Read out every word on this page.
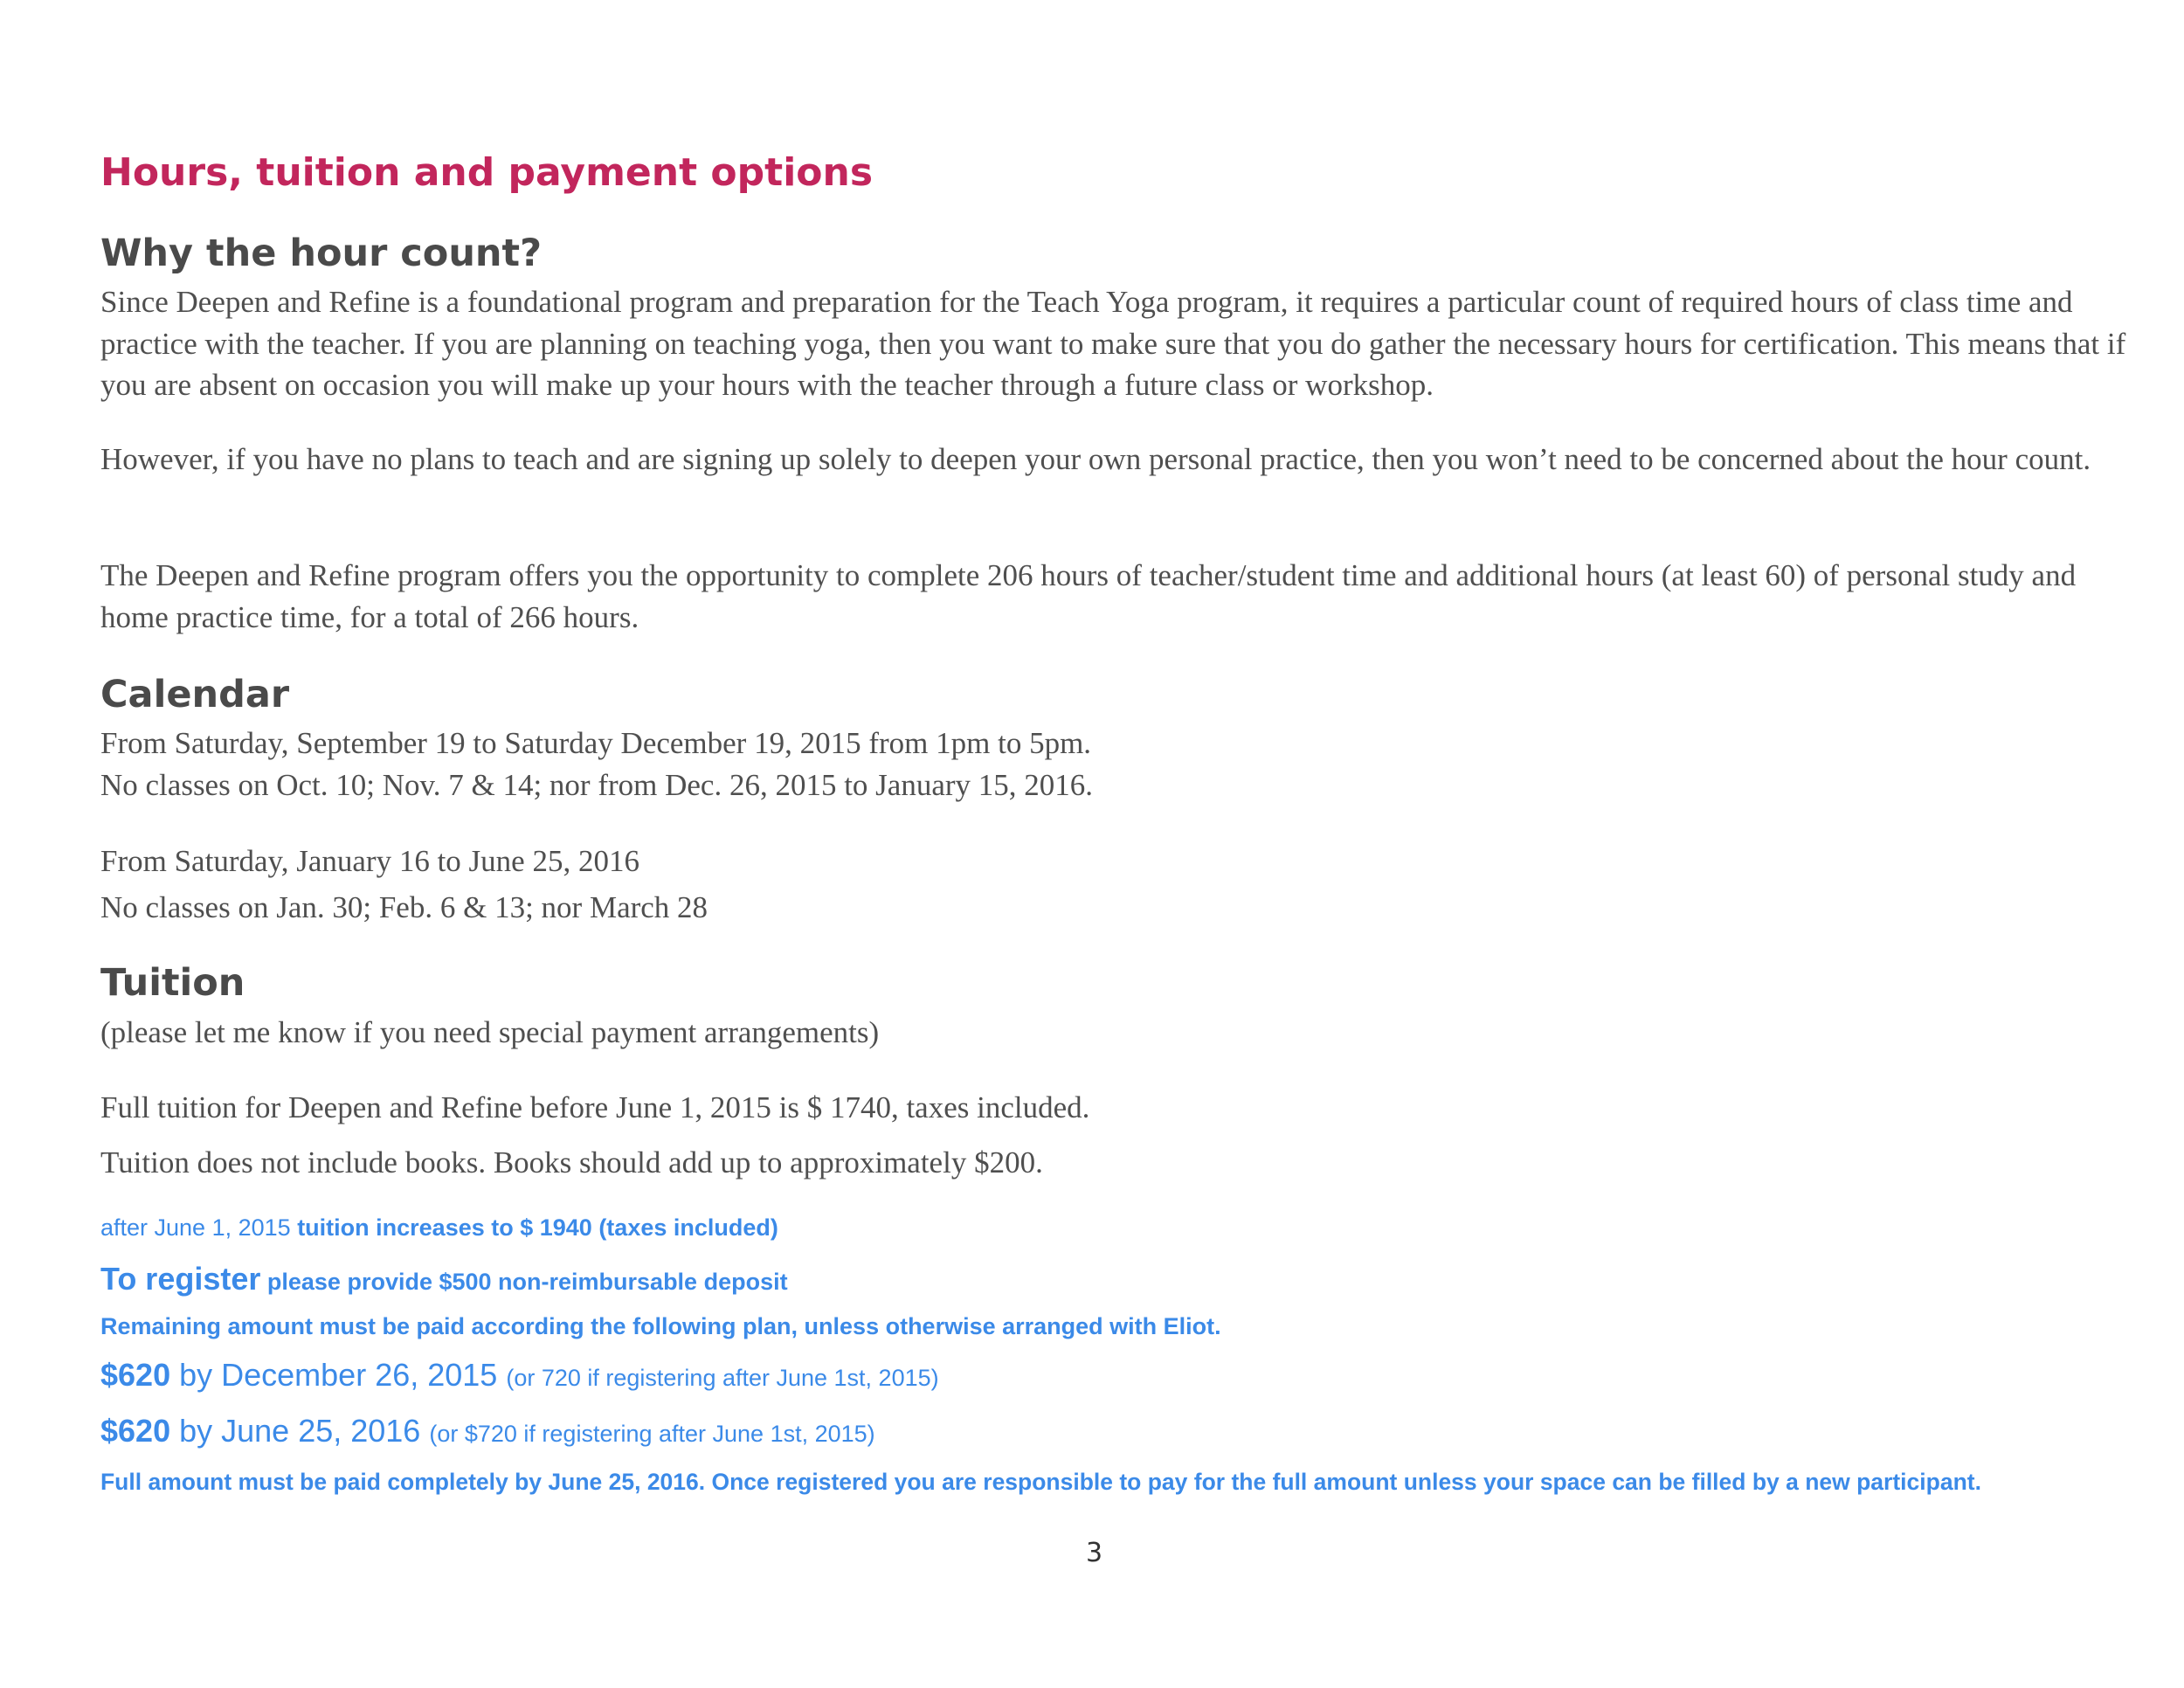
Hours, tuition and payment options
Why the hour count?

Since Deepen and Refine is a foundational program and preparation for the Teach Yoga program, it requires a particular count of required hours of class time and practice with the teacher. If you are planning on teaching yoga, then you want to make sure that you do gather the necessary hours for certification. This means that if you are absent on occasion you will make up your hours with the teacher through a future class or workshop.

However, if you have no plans to teach and are signing up solely to deepen your own personal practice, then you won’t need to be concerned about the hour count.

The Deepen and Refine program offers you the opportunity to complete 206 hours of teacher/student time and additional hours (at least 60) of personal study and home practice time, for a total of 266 hours.

Calendar

From Saturday, September 19 to Saturday December 19, 2015 from 1pm to 5pm.

No classes on Oct. 10; Nov. 7 & 14; nor from Dec. 26, 2015 to January 15, 2016.

From Saturday, January 16 to June 25, 2016

No classes on Jan. 30; Feb. 6 & 13; nor March 28

Tuition

(please let me know if you need special payment arrangements)

Full tuition for Deepen and Refine before June 1, 2015 is $ 1740, taxes included.

Tuition does not include books. Books should add up to approximately $200.

after June 1, 2015 tuition increases to $ 1940 (taxes included)

To register please provide $500 non-reimbursable deposit

Remaining amount must be paid according the following plan, unless otherwise arranged with Eliot.

$620 by December 26, 2015 (or 720 if registering after June 1st, 2015)

$620 by June 25, 2016 (or $720 if registering after June 1st, 2015)

Full amount must be paid completely by June 25, 2016. Once registered you are responsible to pay for the full amount unless your space can be filled by a new participant.

3
